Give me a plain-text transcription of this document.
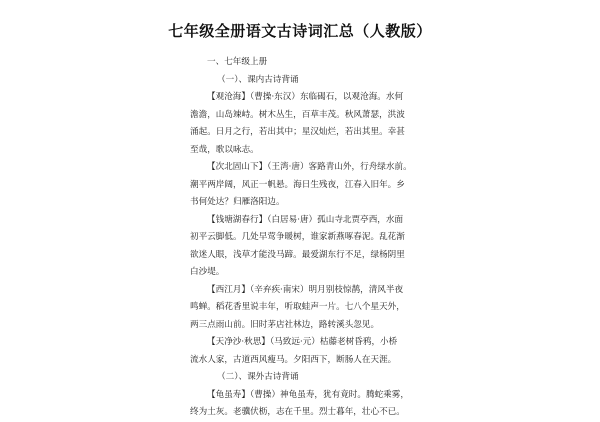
七年级全册语文古诗词汇总（人教版）
一、七年级上册
（一）、课内古诗背诵
【观沧海】（曹操·东汉）东临碣石，以观沧海。水何
澹澹，山岛竦峙。树木丛生，百草丰茂。秋风萧瑟，洪波
涌起。日月之行，若出其中；星汉灿烂，若出其里。幸甚
至哉，歌以咏志。
【次北固山下】（王湾·唐）客路青山外，行舟绿水前。
潮平两岸阔，风正一帆悬。海日生残夜，江春入旧年。乡
书何处达？归雁洛阳边。
【钱塘湖春行】（白居易·唐）孤山寺北贾亭西，水面
初平云脚低。几处早莺争暖树，谁家新燕啄春泥。乱花渐
欲迷人眼，浅草才能没马蹄。最爱湖东行不足，绿杨阴里
白沙堤。
【西江月】（辛弃疾·南宋）明月别枝惊鹊，清风半夜
鸣蝉。稻花香里说丰年，听取蛙声一片。七八个星天外，
两三点雨山前。旧时茅店社林边，路转溪头忽见。
【天净沙·秋思】（马致远·元）枯藤老树昏鸦，小桥
流水人家，古道西风瘦马。夕阳西下，断肠人在天涯。
（二）、课外古诗背诵
【龟虽寿】（曹操）神龟虽寿，犹有竟时。腾蛇乘雾，
终为土灰。老骥伏枥，志在千里。烈士暮年，壮心不已。
